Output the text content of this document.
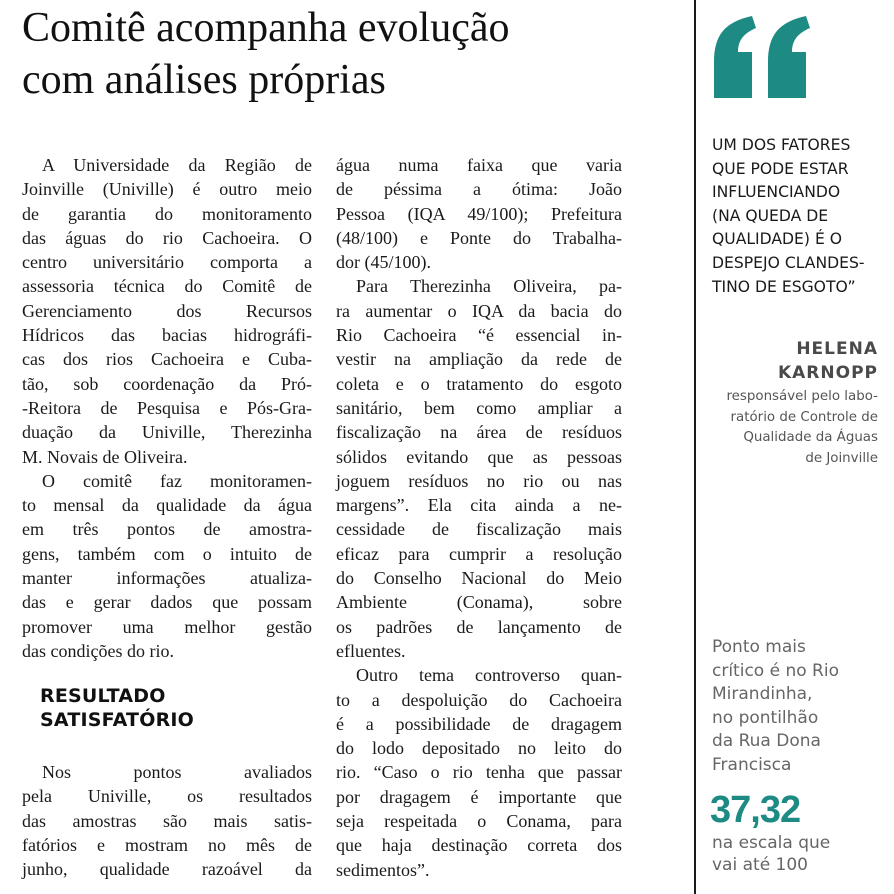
Comitê acompanha evolução
com análises próprias

A Universidade da Região de
Joinville (Univille) é outro meio
de garantia do monitoramento
das águas do rio Cachoeira. O
centro universitário comporta a
assessoria técnica do Comitê de
Gerenciamento dos Recursos
Hídricos das bacias hidrográfi-
cas dos rios Cachoeira e Cuba-
tão, sob coordenação da Pró-
-Reitora de Pesquisa e Pós-Gra-
duação da Univille, Therezinha
M. Novais de Oliveira.

O comitê faz monitoramen-
to mensal da qualidade da água
em três pontos de amostra-
gens, também com o intuito de
manter informações atualiza-
das e gerar dados que possam
promover uma melhor gestão
das condições do rio.

RESULTADO
SATISFATÓRIO

Nos pontos avaliados
pela Univille, os resultados
das amostras são mais satis-
fatórios e mostram no mês de
junho, qualidade razoável da

água numa faixa que varia
de péssima a ótima: João
Pessoa (IQA 49/100); Prefeitura
(48/100) e Ponte do Trabalha-
dor (45/100).

Para Therezinha Oliveira, pa-
ra aumentar o IQA da bacia do
Rio Cachoeira “é essencial in-
vestir na ampliação da rede de
coleta e o tratamento do esgoto
sanitário, bem como ampliar a
fiscalização na área de resíduos
sólidos evitando que as pessoas
joguem resíduos no rio ou nas
margens”. Ela cita ainda a ne-
cessidade de fiscalização mais
eficaz para cumprir a resolução
do Conselho Nacional do Meio
Ambiente (Conama), sobre
os padrões de lançamento de
efluentes.

Outro tema controverso quan-
to a despoluição do Cachoeira
é a possibilidade de dragagem
do lodo depositado no leito do
rio. “Caso o rio tenha que passar
por dragagem é importante que
seja respeitada o Conama, para
que haja destinação correta dos
sedimentos”.

UM DOS FATORES
QUE PODE ESTAR
INFLUENCIANDO
(NA QUEDA DE
QUALIDADE) É O
DESPEJO CLANDES-
TINO DE ESGOTO”
HELENA
KARNOPP
responsável pelo labo-
ratório de Controle de
Qualidade da Águas
de Joinville
Ponto mais
crítico é no Rio
Mirandinha,
no pontilhão
da Rua Dona
Francisca
37,32
na escala que
vai até 100
